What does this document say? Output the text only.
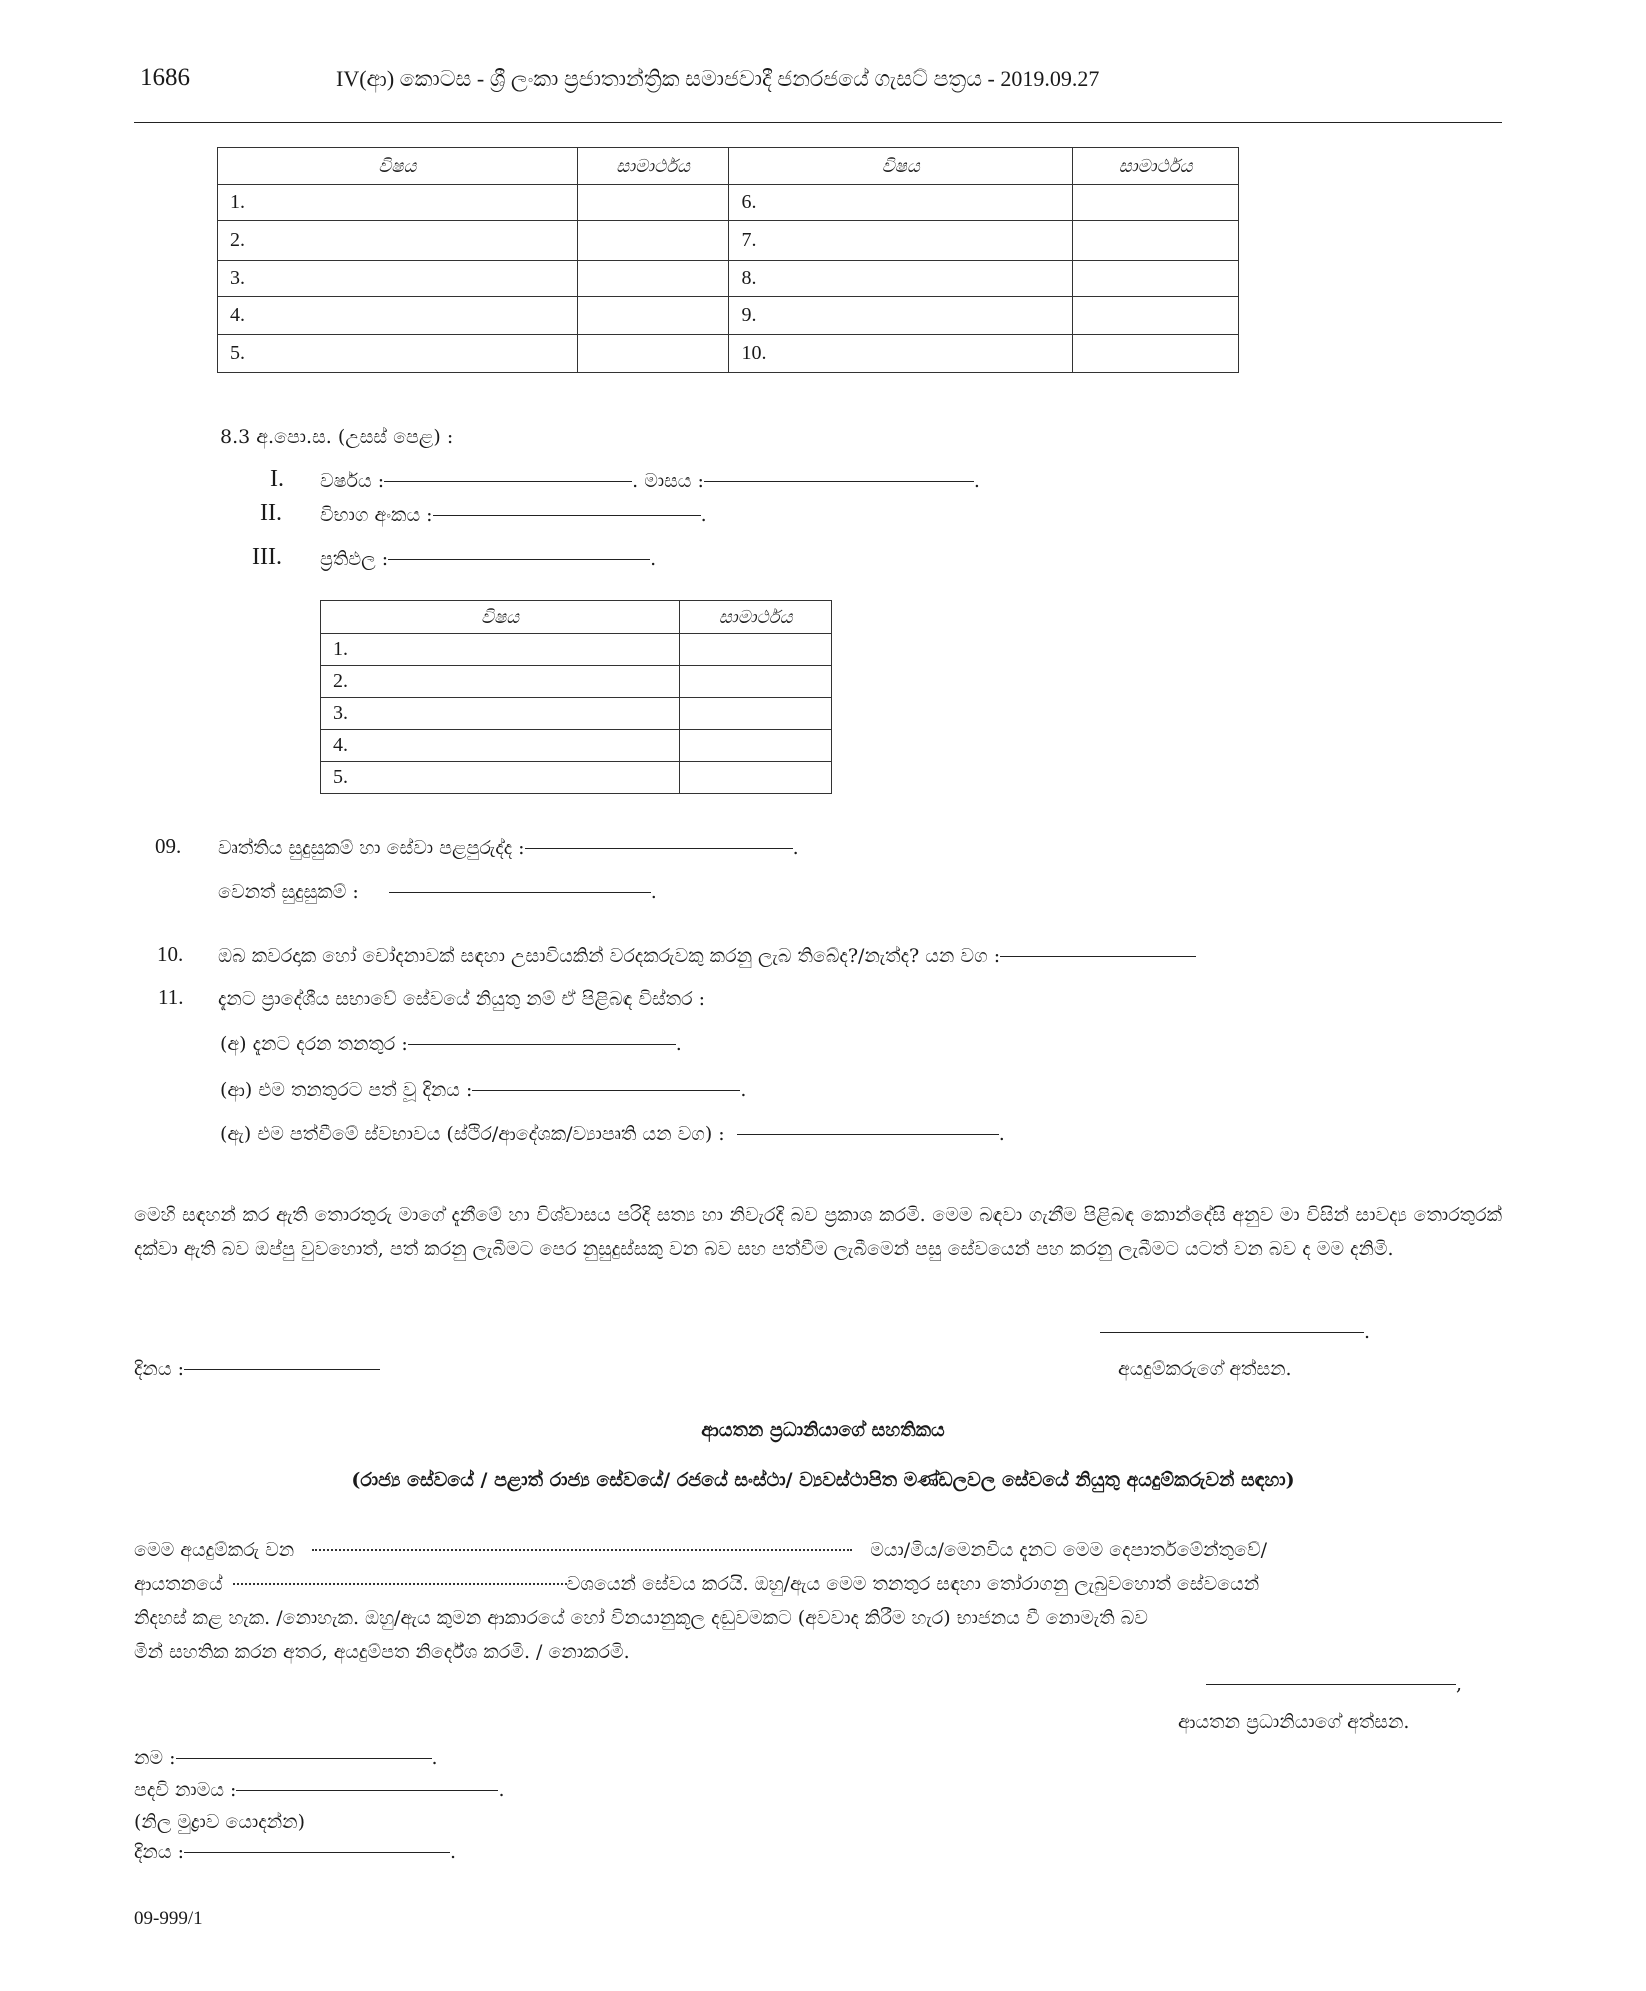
1686	IV(ආ) කොටස - ශ්‍රී ලංකා ප්‍රජාතාන්ත්‍රික සමාජවාදී ජනරජයේ ගැසට් පත්‍රය - 2019.09.27
විෂය	සාමාර්ථය	විෂය	සාමාර්ථය
1.		6.	
2.		7.	
3.		8.	
4.		9.	
5.		10.	
8.3 අ.පො.ස. (උසස් පෙළ) :
I. වර්ෂය :	. මාසය :	.
II. විභාග අංකය :	.
III. ප්‍රතිඵල :	.
විෂය	සාමාර්ථය
1.	
2.	
3.	
4.	
5.	
09. වෘත්තිය සුදුසුකම් හා සේවා පළපුරුද්ද :	.
වෙනත් සුදුසුකම් :	.
10. ඔබ කවරදාක හෝ චෝදනාවක් සඳහා උසාවියකින් වරදකරුවකු කරනු ලැබ තිබේද?/නැත්ද? යන වග :
11. දැනට ප්‍රාදේශීය සභාවේ සේවයේ නියුතු නම් ඒ පිළිබඳ විස්තර :
(අ) දැනට දරන තනතුර :	.
(ආ) එම තනතුරට පත් වූ දිනය :	.
(ඇ) එම පත්වීමේ ස්වභාවය (ස්ථිර/ආදේශක/ව්‍යාපෘති යන වග) :	.
මෙහි සඳහන් කර ඇති තොරතුරු මාගේ දැනීමේ හා විශ්වාසය පරිදි සත්‍ය හා නිවැරදි බව ප්‍රකාශ කරමි. මෙම බඳවා ගැනීම පිළිබඳ කොන්දේසි අනුව මා විසින් සාවද්‍ය තොරතුරක් දක්වා ඇති බව ඔප්පු වුවහොත්, පත් කරනු ලැබීමට පෙර නුසුදුස්සකු වන බව සහ පත්වීම ලැබීමෙන් පසු සේවයෙන් පහ කරනු ලැබීමට යටත් වන බව ද මම දනිමි.
.
දිනය :	අයදුම්කරුගේ අත්සන.
ආයතන ප්‍රධානියාගේ සහතිකය
(රාජ්‍ය සේවයේ / පළාත් රාජ්‍ය සේවයේ/ රජයේ සංස්ථා/ ව්‍යවස්ථාපිත මණ්ඩලවල සේවයේ නියුතු අයදුම්කරුවන් සඳහා)
මෙම අයදුම්කරු වන	මයා/මිය/මෙනවිය දැනට මෙම දෙපාර්තමේන්තුවේ/
ආයතනයේ	වශයෙන් සේවය කරයි. ඔහු/ඇය මෙම තනතුර සඳහා තෝරාගනු ලැබුවහොත් සේවයෙන්
නිදහස් කළ හැක. /නොහැක. ඔහු/ඇය කුමන ආකාරයේ හෝ විනයානුකූල දඬුවමකට (අවවාද කිරීම හැර) භාජනය වී නොමැති බව
මින් සහතික කරන අතර, අයදුම්පත නිර්දේශ කරමි. / නොකරමි.
,
ආයතන ප්‍රධානියාගේ අත්සන.
නම :	.
පදවි නාමය :	.
(නිල මුද්‍රාව යොදන්න)
දිනය :	.
09-999/1
